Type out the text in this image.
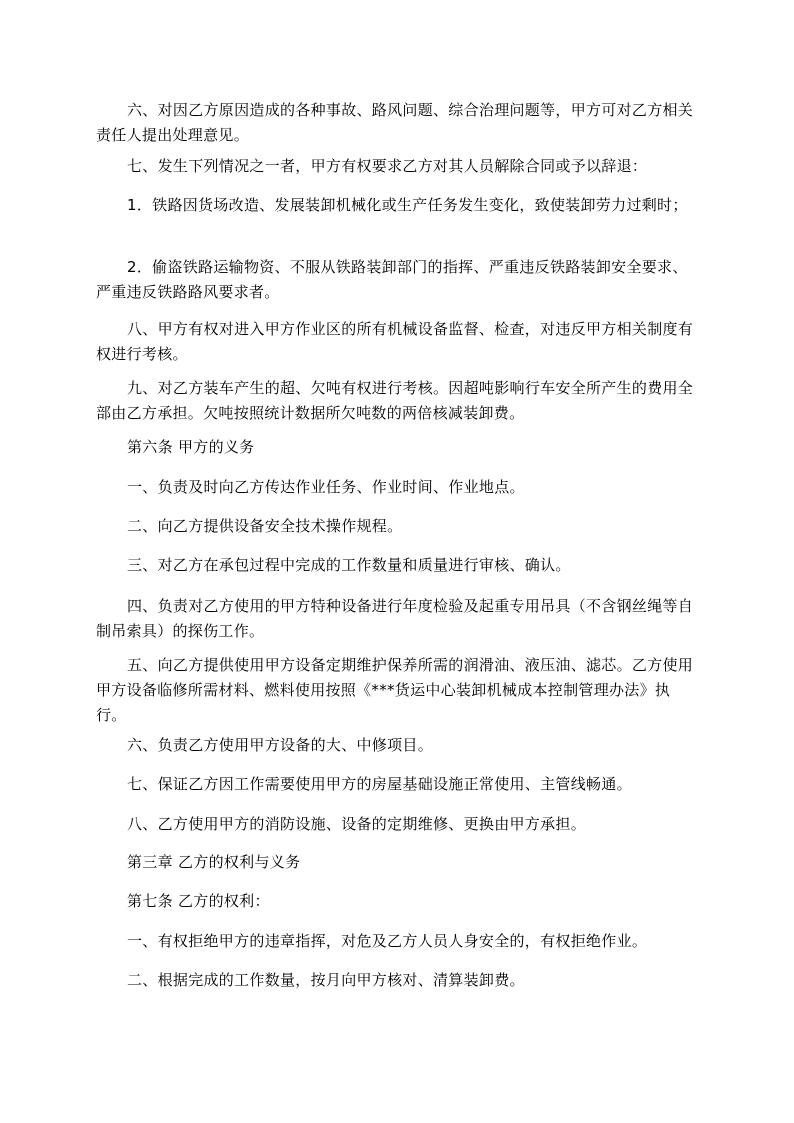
六、对因乙方原因造成的各种事故、路风问题、综合治理问题等，甲方可对乙方相关责任人提出处理意见。

七、发生下列情况之一者，甲方有权要求乙方对其人员解除合同或予以辞退：

1．铁路因货场改造、发展装卸机械化或生产任务发生变化，致使装卸劳力过剩时；

2．偷盗铁路运输物资、不服从铁路装卸部门的指挥、严重违反铁路装卸安全要求、严重违反铁路路风要求者。

八、甲方有权对进入甲方作业区的所有机械设备监督、检查，对违反甲方相关制度有权进行考核。

九、对乙方装车产生的超、欠吨有权进行考核。因超吨影响行车安全所产生的费用全部由乙方承担。欠吨按照统计数据所欠吨数的两倍核减装卸费。

第六条 甲方的义务

一、负责及时向乙方传达作业任务、作业时间、作业地点。

二、向乙方提供设备安全技术操作规程。

三、对乙方在承包过程中完成的工作数量和质量进行审核、确认。

四、负责对乙方使用的甲方特种设备进行年度检验及起重专用吊具（不含钢丝绳等自制吊索具）的探伤工作。

五、向乙方提供使用甲方设备定期维护保养所需的润滑油、液压油、滤芯。乙方使用甲方设备临修所需材料、燃料使用按照《***货运中心装卸机械成本控制管理办法》执行。

六、负责乙方使用甲方设备的大、中修项目。

七、保证乙方因工作需要使用甲方的房屋基础设施正常使用、主管线畅通。

八、乙方使用甲方的消防设施、设备的定期维修、更换由甲方承担。

第三章 乙方的权利与义务

第七条 乙方的权利：

一、有权拒绝甲方的违章指挥，对危及乙方人员人身安全的，有权拒绝作业。

二、根据完成的工作数量，按月向甲方核对、清算装卸费。
